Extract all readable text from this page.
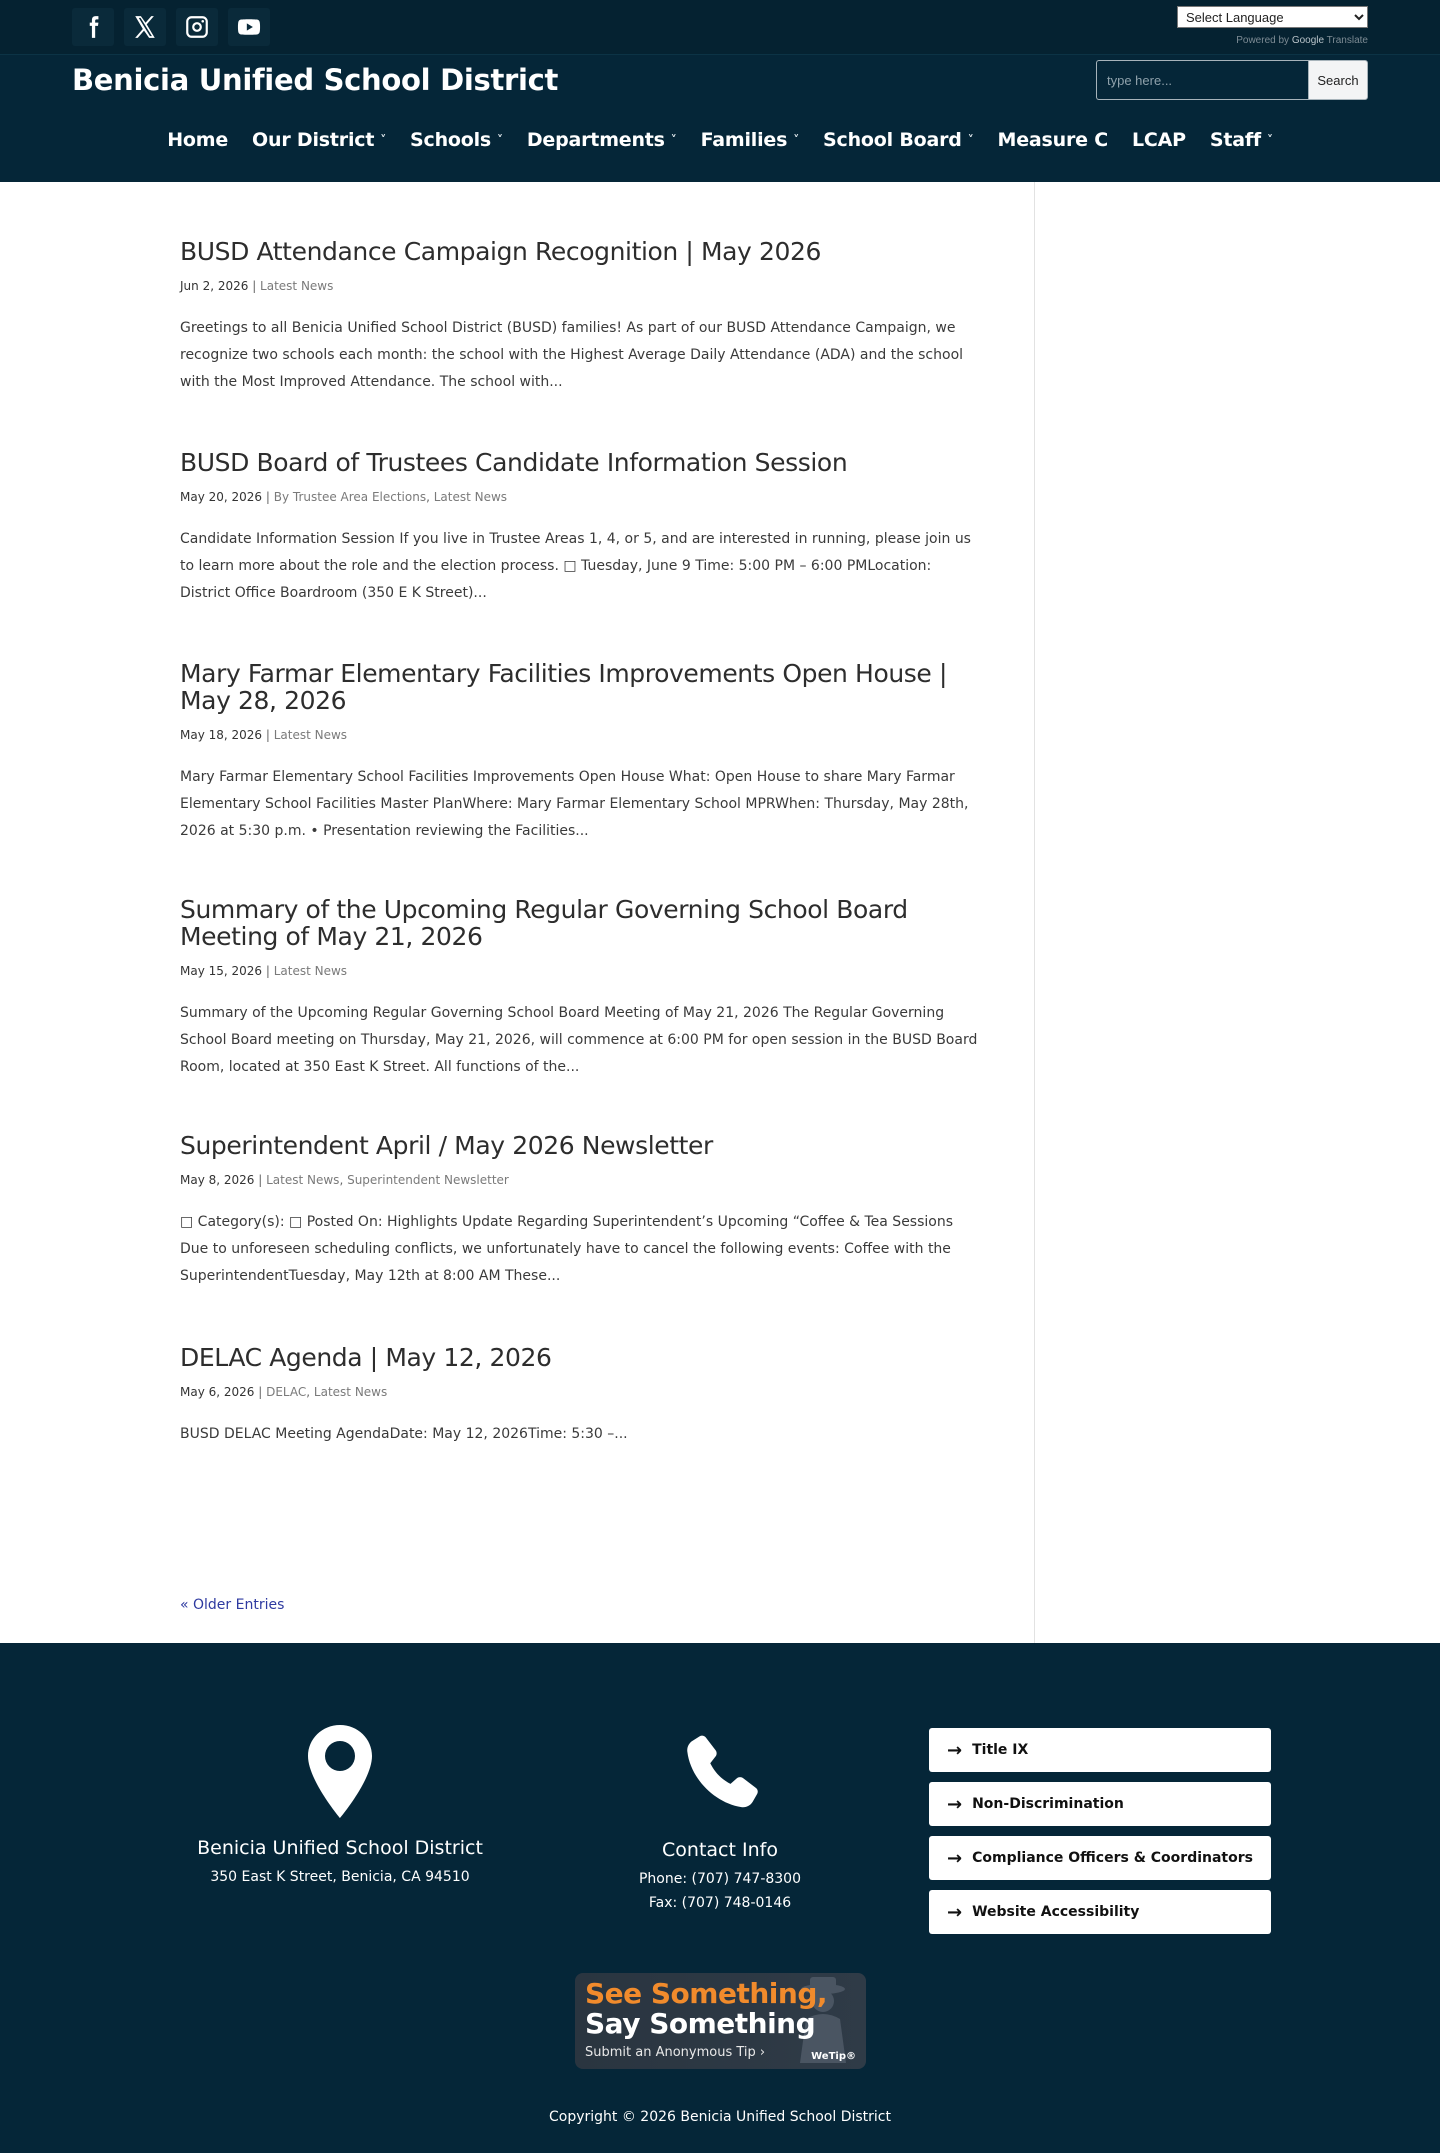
Select Language
Powered by Google Translate
Benicia Unified School District
type here...	Search
Home Our District ˅ Schools ˅ Departments ˅ Families ˅ School Board ˅ Measure C LCAP Staff ˅
BUSD Attendance Campaign Recognition | May 2026
Jun 2, 2026 | Latest News

Greetings to all Benicia Unified School District (BUSD) families! As part of our BUSD Attendance Campaign, we recognize two schools each month: the school with the Highest Average Daily Attendance (ADA) and the school with the Most Improved Attendance. The school with...

BUSD Board of Trustees Candidate Information Session
May 20, 2026 | By Trustee Area Elections, Latest News

Candidate Information Session If you live in Trustee Areas 1, 4, or 5, and are interested in running, please join us to learn more about the role and the election process. □ Tuesday, June 9 Time: 5:00 PM – 6:00 PMLocation: District Office Boardroom (350 E K Street)...

Mary Farmar Elementary Facilities Improvements Open House | May 28, 2026
May 18, 2026 | Latest News

Mary Farmar Elementary School Facilities Improvements Open House What: Open House to share Mary Farmar Elementary School Facilities Master PlanWhere: Mary Farmar Elementary School MPRWhen: Thursday, May 28th, 2026 at 5:30 p.m. • Presentation reviewing the Facilities...

Summary of the Upcoming Regular Governing School Board Meeting of May 21, 2026
May 15, 2026 | Latest News

Summary of the Upcoming Regular Governing School Board Meeting of May 21, 2026 The Regular Governing School Board meeting on Thursday, May 21, 2026, will commence at 6:00 PM for open session in the BUSD Board Room, located at 350 East K Street. All functions of the...

Superintendent April / May 2026 Newsletter
May 8, 2026 | Latest News, Superintendent Newsletter

□ Category(s): □ Posted On: Highlights Update Regarding Superintendent’s Upcoming “Coffee & Tea Sessions Due to unforeseen scheduling conflicts, we unfortunately have to cancel the following events: Coffee with the SuperintendentTuesday, May 12th at 8:00 AM These...

DELAC Agenda | May 12, 2026
May 6, 2026 | DELAC, Latest News

BUSD DELAC Meeting AgendaDate: May 12, 2026Time: 5:30 –...

« Older Entries
Benicia Unified School District
350 East K Street, Benicia, CA 94510
Contact Info
Phone: (707) 747-8300
Fax: (707) 748-0146
→ Title IX
→ Non-Discrimination
→ Compliance Officers & Coordinators
→ Website Accessibility
See Something,
Say Something
Submit an Anonymous Tip ›	WeTip®
Copyright © 2026 Benicia Unified School District
